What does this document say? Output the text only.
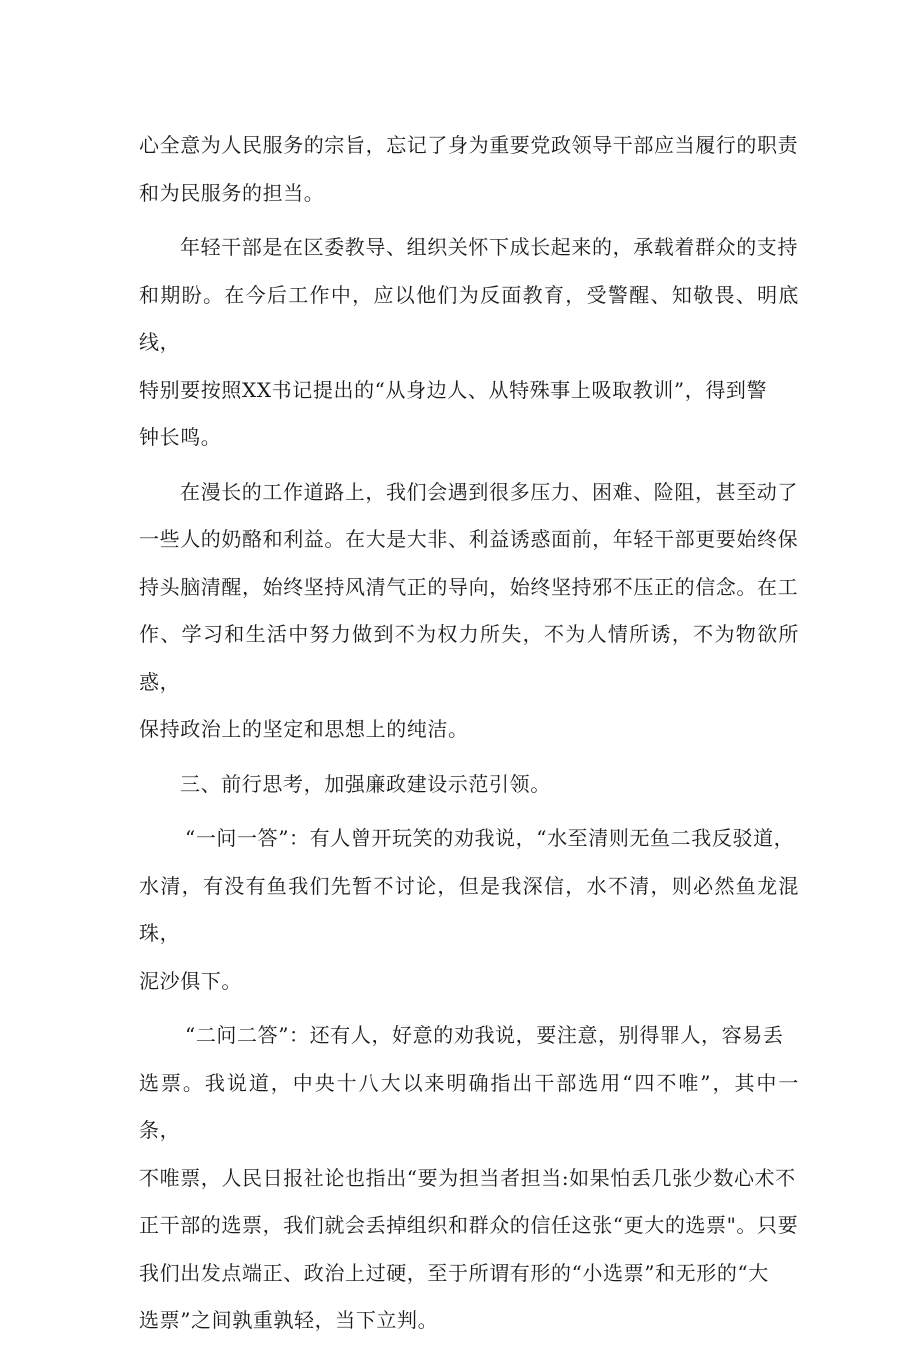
心全意为人民服务的宗旨，忘记了身为重要党政领导干部应当履行的职责
和为民服务的担当。

年轻干部是在区委教导、组织关怀下成长起来的，承载着群众的支持
和期盼。在今后工作中，应以他们为反面教育，受警醒、知敬畏、明底线，
特别要按照XX书记提出的“从身边人、从特殊事上吸取教训”，得到警
钟长鸣。

在漫长的工作道路上，我们会遇到很多压力、困难、险阻，甚至动了
一些人的奶酪和利益。在大是大非、利益诱惑面前，年轻干部更要始终保
持头脑清醒，始终坚持风清气正的导向，始终坚持邪不压正的信念。在工
作、学习和生活中努力做到不为权力所失，不为人情所诱，不为物欲所惑，
保持政治上的坚定和思想上的纯洁。

三、前行思考，加强廉政建设示范引领。

“一问一答”：有人曾开玩笑的劝我说，“水至清则无鱼二我反驳道，
水清，有没有鱼我们先暂不讨论，但是我深信，水不清，则必然鱼龙混珠，
泥沙俱下。

“二问二答”：还有人，好意的劝我说，要注意，别得罪人，容易丢
选票。我说道，中央十八大以来明确指出干部选用“四不唯”，其中一条，
不唯票，人民日报社论也指出“要为担当者担当:如果怕丢几张少数心术不
正干部的选票，我们就会丢掉组织和群众的信任这张“更大的选票"。只要
我们出发点端正、政治上过硬，至于所谓有形的“小选票”和无形的“大
选票”之间孰重孰轻，当下立判。
